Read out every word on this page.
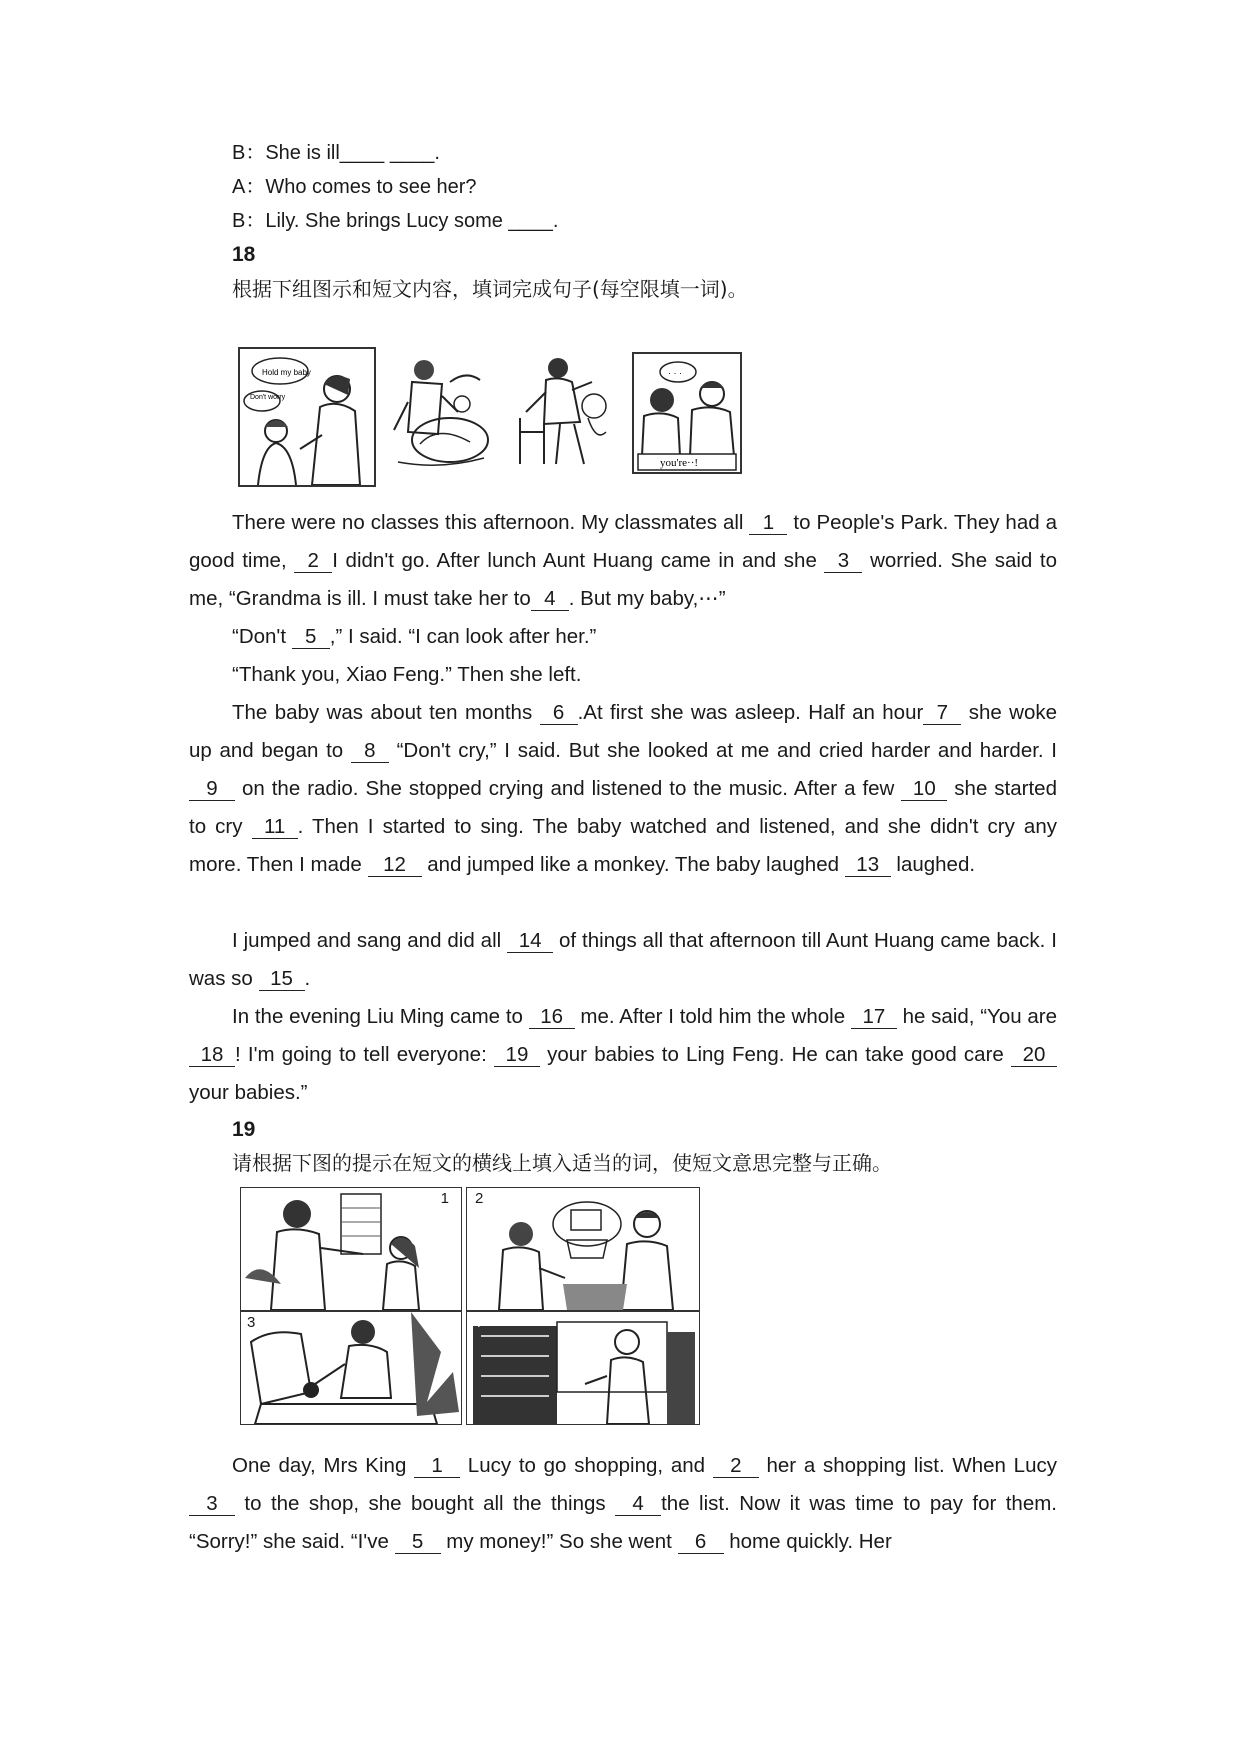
B：She is ill____ ____.
A：Who comes to see her?
B：Lily. She brings Lucy some ____.
18
根据下组图示和短文内容，填词完成句子(每空限填一词)。
Hold my baby
Don't worry
· · ·
you're··!
There were no classes this afternoon. My classmates all 1 to People's Park. They had a good time, 2 I didn't go. After lunch Aunt Huang came in and she 3 worried. She said to me, “Grandma is ill. I must take her to 4 . But my baby,⋯”
“Don't 5 ,” I said. “I can look after her.”
“Thank you, Xiao Feng.” Then she left.
The baby was about ten months 6 .At first she was asleep. Half an hour 7 she woke up and began to 8 “Don't cry,” I said. But she looked at me and cried harder and harder. I 9 on the radio. She stopped crying and listened to the music. After a few 10 she started to cry 11 . Then I started to sing. The baby watched and listened, and she didn't cry any more. Then I made 12 and jumped like a monkey. The baby laughed 13 laughed.
I jumped and sang and did all 14 of things all that afternoon till Aunt Huang came back. I was so 15 .
In the evening Liu Ming came to 16 me. After I told him the whole 17 he said, “You are 18 ! I'm going to tell everyone: 19 your babies to Ling Feng. He can take good care 20 your babies.”
19
请根据下图的提示在短文的横线上填入适当的词，使短文意思完整与正确。
1 2
3	4
One day, Mrs King 1 Lucy to go shopping, and 2 her a shopping list. When Lucy 3 to the shop, she bought all the things 4 the list. Now it was time to pay for them. “Sorry!” she said. “I've 5 my money!” So she went 6 home quickly. Her
